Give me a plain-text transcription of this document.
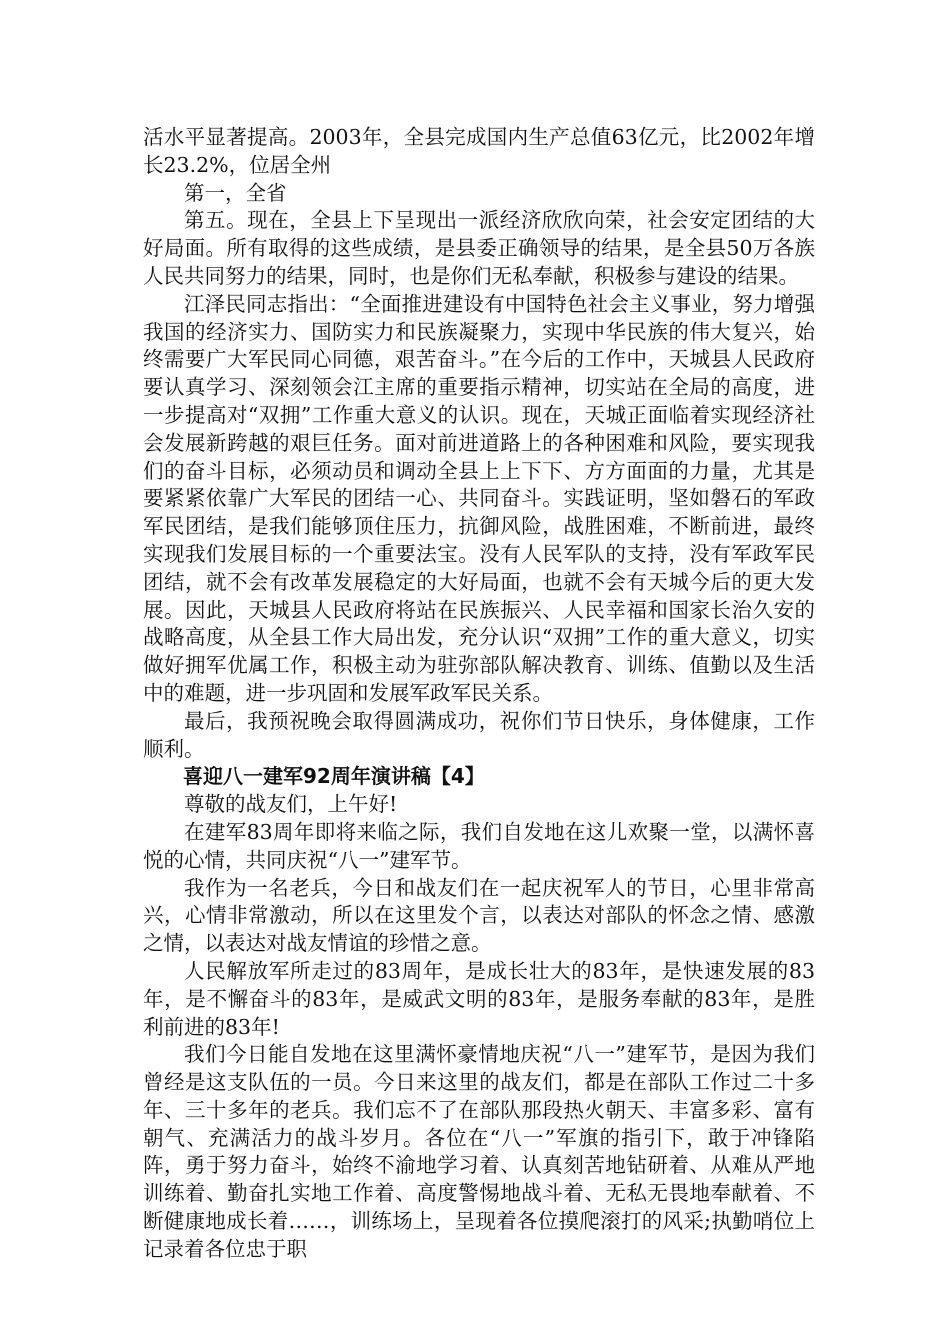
活水平显著提高。2003年，全县完成国内生产总值63亿元，比2002年增长23.2%，位居全州

第一，全省

第五。现在，全县上下呈现出一派经济欣欣向荣，社会安定团结的大好局面。所有取得的这些成绩，是县委正确领导的结果，是全县50万各族人民共同努力的结果，同时，也是你们无私奉献，积极参与建设的结果。

江泽民同志指出：“全面推进建设有中国特色社会主义事业，努力增强我国的经济实力、国防实力和民族凝聚力，实现中华民族的伟大复兴，始终需要广大军民同心同德，艰苦奋斗。”在今后的工作中，天城县人民政府要认真学习、深刻领会江主席的重要指示精神，切实站在全局的高度，进一步提高对“双拥”工作重大意义的认识。现在，天城正面临着实现经济社会发展新跨越的艰巨任务。面对前进道路上的各种困难和风险，要实现我们的奋斗目标，必须动员和调动全县上上下下、方方面面的力量，尤其是要紧紧依靠广大军民的团结一心、共同奋斗。实践证明，坚如磐石的军政军民团结，是我们能够顶住压力，抗御风险，战胜困难，不断前进，最终实现我们发展目标的一个重要法宝。没有人民军队的支持，没有军政军民团结，就不会有改革发展稳定的大好局面，也就不会有天城今后的更大发展。因此，天城县人民政府将站在民族振兴、人民幸福和国家长治久安的战略高度，从全县工作大局出发，充分认识“双拥”工作的重大意义，切实做好拥军优属工作，积极主动为驻弥部队解决教育、训练、值勤以及生活中的难题，进一步巩固和发展军政军民关系。

最后，我预祝晚会取得圆满成功，祝你们节日快乐，身体健康，工作顺利。

喜迎八一建军92周年演讲稿【4】

尊敬的战友们，上午好!

在建军83周年即将来临之际，我们自发地在这儿欢聚一堂，以满怀喜悦的心情，共同庆祝“八一”建军节。

我作为一名老兵，今日和战友们在一起庆祝军人的节日，心里非常高兴，心情非常激动，所以在这里发个言，以表达对部队的怀念之情、感激之情，以表达对战友情谊的珍惜之意。

人民解放军所走过的83周年，是成长壮大的83年，是快速发展的83年，是不懈奋斗的83年，是威武文明的83年，是服务奉献的83年，是胜利前进的83年!

我们今日能自发地在这里满怀豪情地庆祝“八一”建军节，是因为我们曾经是这支队伍的一员。今日来这里的战友们，都是在部队工作过二十多年、三十多年的老兵。我们忘不了在部队那段热火朝天、丰富多彩、富有朝气、充满活力的战斗岁月。各位在“八一”军旗的指引下，敢于冲锋陷阵，勇于努力奋斗，始终不渝地学习着、认真刻苦地钻研着、从难从严地训练着、勤奋扎实地工作着、高度警惕地战斗着、无私无畏地奉献着、不断健康地成长着……，训练场上，呈现着各位摸爬滚打的风采;执勤哨位上记录着各位忠于职
